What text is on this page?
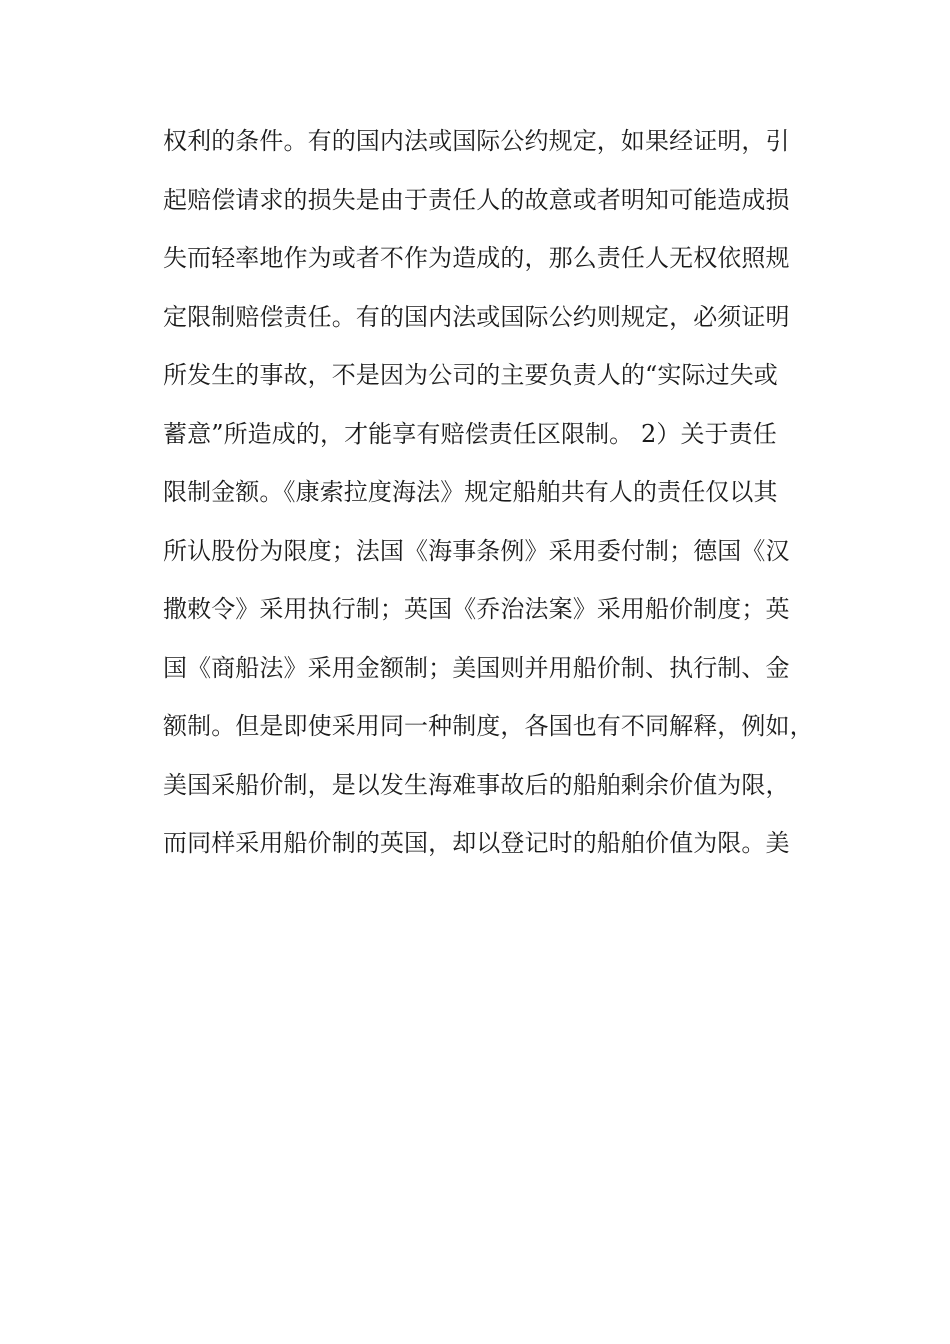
权利的条件。有的国内法或国际公约规定，如果经证明，引
起赔偿请求的损失是由于责任人的故意或者明知可能造成损
失而轻率地作为或者不作为造成的，那么责任人无权依照规
定限制赔偿责任。有的国内法或国际公约则规定，必须证明
所发生的事故，不是因为公司的主要负责人的“实际过失或
蓄意”所造成的，才能享有赔偿责任区限制。 2）关于责任
限制金额。《康索拉度海法》规定船舶共有人的责任仅以其
所认股份为限度；法国《海事条例》采用委付制；德国《汉
撒敕令》采用执行制；英国《乔治法案》采用船价制度；英
国《商船法》采用金额制；美国则并用船价制、执行制、金
额制。但是即使采用同一种制度，各国也有不同解释，例如，
美国采船价制，是以发生海难事故后的船舶剩余价值为限，
而同样采用船价制的英国，却以登记时的船舶价值为限。美
